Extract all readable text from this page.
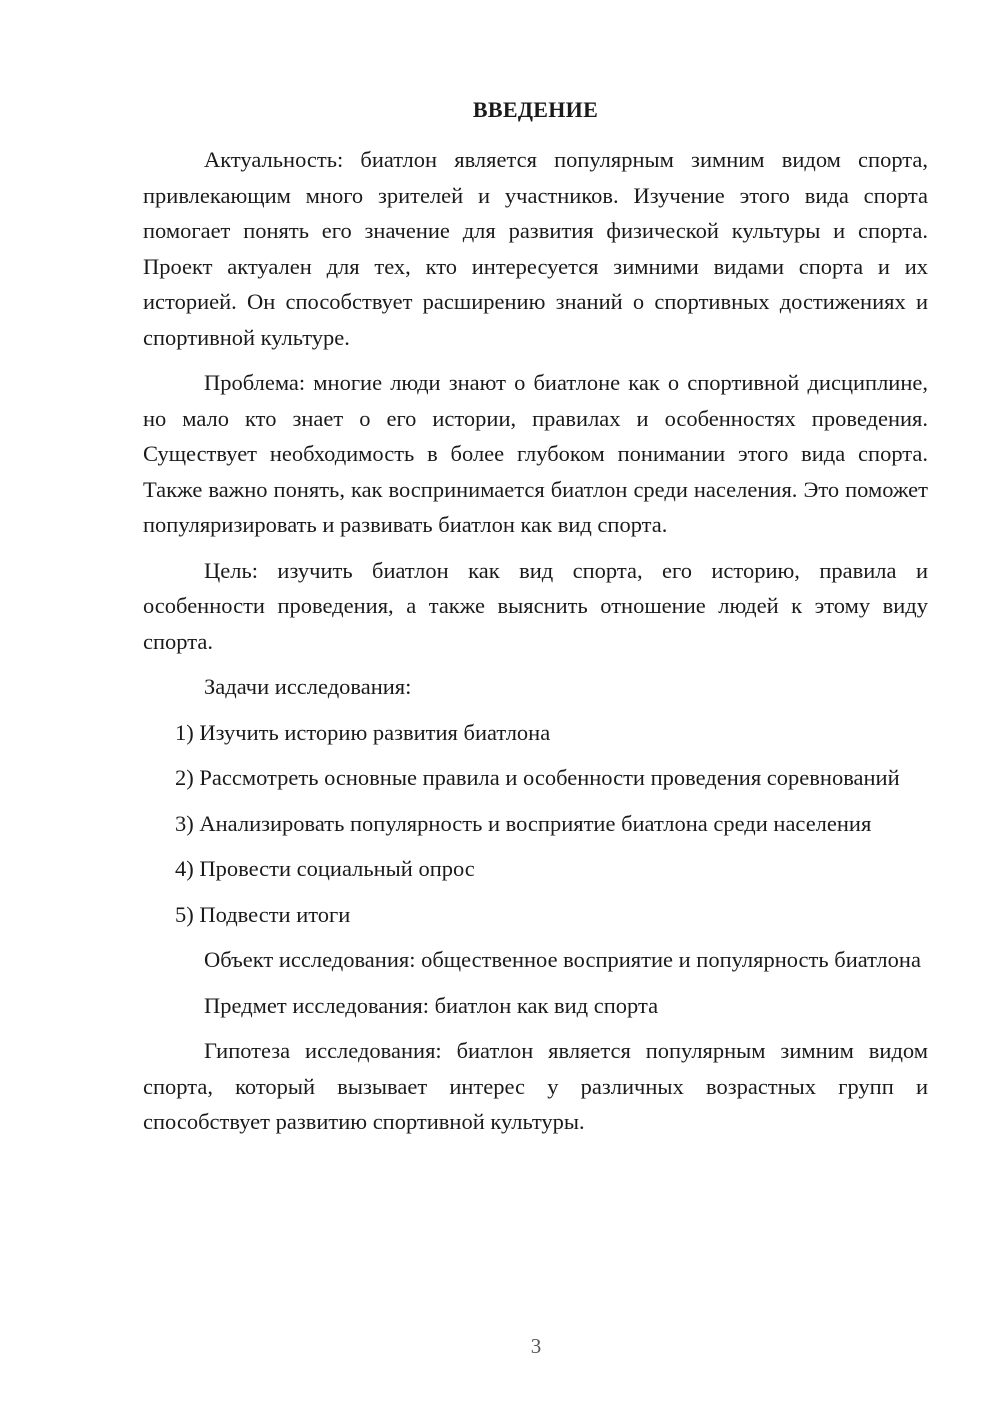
ВВЕДЕНИЕ

Актуальность: биатлон является популярным зимним видом спорта, привлекающим много зрителей и участников. Изучение этого вида спорта помогает понять его значение для развития физической культуры и спорта. Проект актуален для тех, кто интересуется зимними видами спорта и их историей. Он способствует расширению знаний о спортивных достижениях и спортивной культуре.

Проблема: многие люди знают о биатлоне как о спортивной дисциплине, но мало кто знает о его истории, правилах и особенностях проведения. Существует необходимость в более глубоком понимании этого вида спорта. Также важно понять, как воспринимается биатлон среди населения. Это поможет популяризировать и развивать биатлон как вид спорта.

Цель: изучить биатлон как вид спорта, его историю, правила и особенности проведения, а также выяснить отношение людей к этому виду спорта.

Задачи исследования:

1) Изучить историю развития биатлона

2) Рассмотреть основные правила и особенности проведения соревнований

3) Анализировать популярность и восприятие биатлона среди населения

4) Провести социальный опрос

5) Подвести итоги

Объект исследования: общественное восприятие и популярность биатлона

Предмет исследования: биатлон как вид спорта

Гипотеза исследования: биатлон является популярным зимним видом спорта, который вызывает интерес у различных возрастных групп и способствует развитию спортивной культуры.

3
